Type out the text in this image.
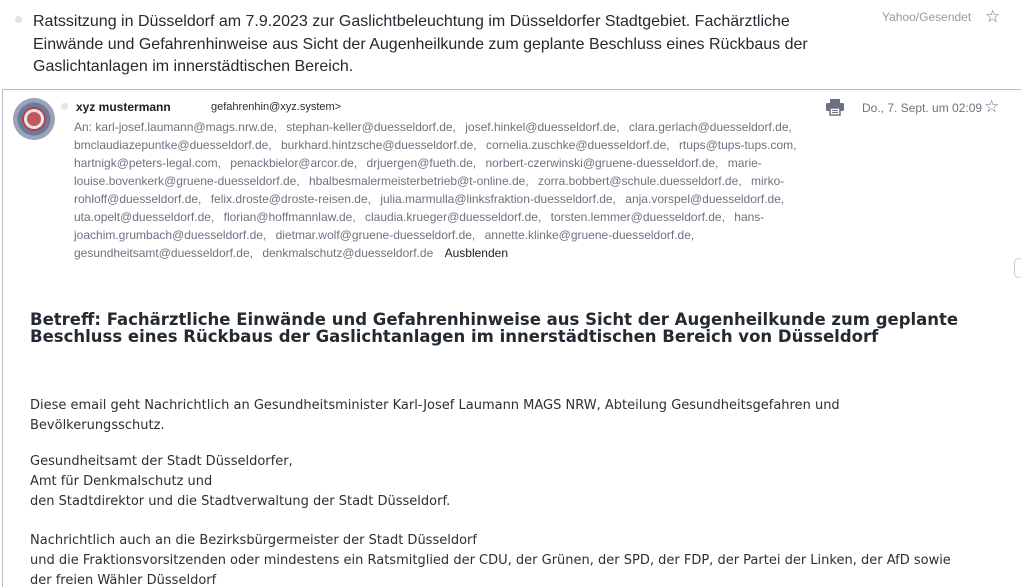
Ratssitzung in Düsseldorf am 7.9.2023 zur Gaslichtbeleuchtung im Düsseldorfer Stadtgebiet. Fachärztliche Einwände und Gefahrenhinweise aus Sicht der Augenheilkunde zum geplante Beschluss eines Rückbaus der Gaslichtanlagen im innerstädtischen Bereich.
Yahoo/Gesendet ☆
xyz mustermann	gefahrenhin@xyz.system>	Do., 7. Sept. um 02:09 ☆
An: karl-josef.laumann@mags.nrw.de, stephan-keller@duesseldorf.de, josef.hinkel@duesseldorf.de, clara.gerlach@duesseldorf.de, bmclaudiazepuntke@duesseldorf.de, burkhard.hintzsche@duesseldorf.de, cornelia.zuschke@duesseldorf.de, rtups@tups-tups.com, hartnigk@peters-legal.com, penackbielor@arcor.de, drjuergen@fueth.de, norbert-czerwinski@gruene-duesseldorf.de, marie-louise.bovenkerk@gruene-duesseldorf.de, hbalbesmalermeisterbetrieb@t-online.de, zorra.bobbert@schule.duesseldorf.de, mirko-rohloff@duesseldorf.de, felix.droste@droste-reisen.de, julia.marmulla@linksfraktion-duesseldorf.de, anja.vorspel@duesseldorf.de, uta.opelt@duesseldorf.de, florian@hoffmannlaw.de, claudia.krueger@duesseldorf.de, torsten.lemmer@duesseldorf.de, hans-joachim.grumbach@duesseldorf.de, dietmar.wolf@gruene-duesseldorf.de, annette.klinke@gruene-duesseldorf.de, gesundheitsamt@duesseldorf.de, denkmalschutz@duesseldorf.de Ausblenden
Betreff: Fachärztliche Einwände und Gefahrenhinweise aus Sicht der Augenheilkunde zum geplante Beschluss eines Rückbaus der Gaslichtanlagen im innerstädtischen Bereich von Düsseldorf
Diese email geht Nachrichtlich an Gesundheitsminister Karl-Josef Laumann MAGS NRW, Abteilung Gesundheitsgefahren und
Bevölkerungsschutz.
Gesundheitsamt der Stadt Düsseldorfer,
Amt für Denkmalschutz und
den Stadtdirektor und die Stadtverwaltung der Stadt Düsseldorf.
Nachrichtlich auch an die Bezirksbürgermeister der Stadt Düsseldorf
und die Fraktionsvorsitzenden oder mindestens ein Ratsmitglied der CDU, der Grünen, der SPD, der FDP, der Partei der Linken, der AfD sowie
der freien Wähler Düsseldorf
